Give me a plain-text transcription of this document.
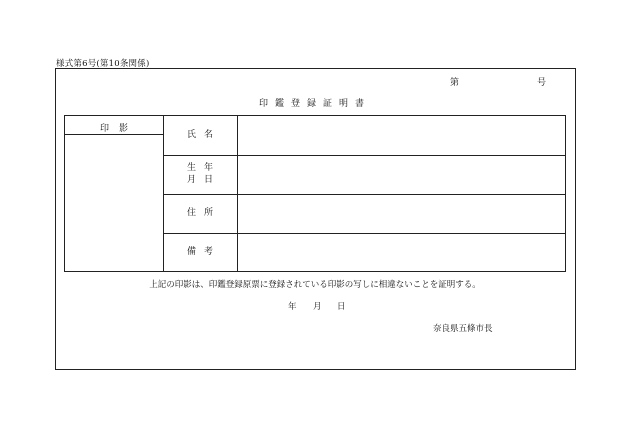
様式第6号(第10条関係)
第	号
印鑑登録証明書
印影
氏名
生年
月日
住所
備考
上記の印影は、印鑑登録原票に登録されている印影の写しに相違ないことを証明する。
年 月 日
奈良県五條市長
